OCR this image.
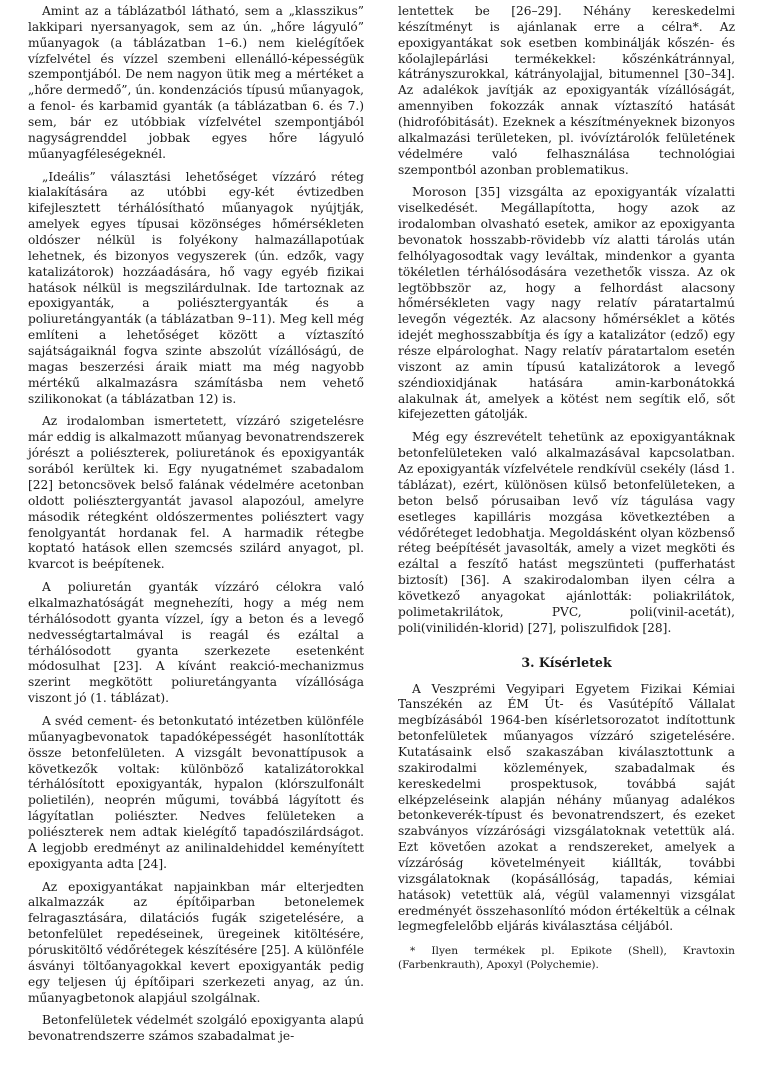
Amint az a táblázatból látható, sem a „klasszikus” lakkipari nyersanyagok, sem az ún. „hőre lágyuló” műanyagok (a táblázatban 1–6.) nem kielégítőek vízfelvétel és vízzel szembeni ellenálló-képességük szempontjából. De nem nagyon ütik meg a mértéket a „hőre dermedő”, ún. kondenzációs típusú műanyagok, a fenol- és karbamid gyanták (a táblázatban 6. és 7.) sem, bár ez utóbbiak vízfelvétel szempontjából nagyságrenddel jobbak egyes hőre lágyuló műanyagféleségeknél.

„Ideális” választási lehetőséget vízzáró réteg kialakítására az utóbbi egy-két évtizedben kifejlesztett térhálósítható műanyagok nyújtják, amelyek egyes típusai közönséges hőmérsékleten oldószer nélkül is folyékony halmazállapotúak lehetnek, és bizonyos vegyszerek (ún. edzők, vagy katalizátorok) hozzáadására, hő vagy egyéb fizikai hatások nélkül is megszilárdulnak. Ide tartoznak az epoxigyanták, a poliésztergyanták és a poliuretángyanták (a táblázatban 9–11). Meg kell még említeni a lehetőséget között a víztaszító sajátságaiknál fogva szinte abszolút vízállóságú, de magas beszerzési áraik miatt ma még nagyobb mértékű alkalmazásra számításba nem vehető szilikonokat (a táblázatban 12) is.

Az irodalomban ismertetett, vízzáró szigetelésre már eddig is alkalmazott műanyag bevonatrendszerek jórészt a poliészterek, poliuretánok és epoxigyanták sorából kerültek ki. Egy nyugatnémet szabadalom [22] betoncsövek belső falának védelmére acetonban oldott poliésztergyantát javasol alapozóul, amelyre második rétegként oldószermentes poliésztert vagy fenolgyantát hordanak fel. A harmadik rétegbe koptató hatások ellen szemcsés szilárd anyagot, pl. kvarcot is beépítenek.

A poliuretán gyanták vízzáró célokra való elkalmazhatóságát megnehezíti, hogy a még nem térhálósodott gyanta vízzel, így a beton és a levegő nedvességtartalmával is reagál és ezáltal a térhálósodott gyanta szerkezete esetenként módosulhat [23]. A kívánt reakció-mechanizmus szerint megkötött poliuretángyanta vízállósága viszont jó (1. táblázat).

A svéd cement- és betonkutató intézetben különféle műanyagbevonatok tapadóképességét hasonlították össze betonfelületen. A vizsgált bevonattípusok a következők voltak: különböző katalizátorokkal térhálósított epoxigyanták, hypalon (klórszulfonált polietilén), neoprén műgumi, továbbá lágyított és lágyítatlan poliészter. Nedves felületeken a poliészterek nem adtak kielégítő tapadószilárdságot. A legjobb eredményt az anilinaldehiddel keményített epoxigyanta adta [24].

Az epoxigyantákat napjainkban már elterjedten alkalmazzák az építőiparban betonelemek felragasztására, dilatációs fugák szigetelésére, a betonfelület repedéseinek, üregeinek kitöltésére, póruskitöltő védőrétegek készítésére [25]. A különféle ásványi töltőanyagokkal kevert epoxigyanták pedig egy teljesen új építőipari szerkezeti anyag, az ún. műanyagbetonok alapjául szolgálnak.

Betonfelületek védelmét szolgáló epoxigyanta alapú bevonatrendszerre számos szabadalmat je-

lentettek be [26–29]. Néhány kereskedelmi készítményt is ajánlanak erre a célra*. Az epoxigyantákat sok esetben kombinálják kőszén- és kőolajlepárlási termékekkel: kőszénkátránnyal, kátrányszurokkal, kátrányolajjal, bitumennel [30–34]. Az adalékok javítják az epoxigyanták vízállóságát, amennyiben fokozzák annak víztaszító hatását (hidrofóbitását). Ezeknek a készítményeknek bizonyos alkalmazási területeken, pl. ivóvíztárolók felületének védelmére való felhasználása technológiai szempontból azonban problematikus.

Moroson [35] vizsgálta az epoxigyanták vízalatti viselkedését. Megállapította, hogy azok az irodalomban olvasható esetek, amikor az epoxigyanta bevonatok hosszabb-rövidebb víz alatti tárolás után felhólyagosodtak vagy leváltak, mindenkor a gyanta tökéletlen térhálósodására vezethetők vissza. Az ok legtöbbször az, hogy a felhordást alacsony hőmérsékleten vagy nagy relatív páratartalmú levegőn végezték. Az alacsony hőmérséklet a kötés idejét meghosszabbítja és így a katalizátor (edző) egy része elpárologhat. Nagy relatív páratartalom esetén viszont az amin típusú katalizátorok a levegő széndioxidjának hatására amin-karbonátokká alakulnak át, amelyek a kötést nem segítik elő, sőt kifejezetten gátolják.

Még egy észrevételt tehetünk az epoxigyantáknak betonfelületeken való alkalmazásával kapcsolatban. Az epoxigyanták vízfelvétele rendkívül csekély (lásd 1. táblázat), ezért, különösen külső betonfelületeken, a beton belső pórusaiban levő víz tágulása vagy esetleges kapilláris mozgása következtében a védőréteget ledobhatja. Megoldásként olyan közbenső réteg beépítését javasolták, amely a vizet megköti és ezáltal a feszítő hatást megszünteti (pufferhatást biztosít) [36]. A szakirodalomban ilyen célra a következő anyagokat ajánlották: poliakrilátok, polimetakrilátok, PVC, poli(vinil-acetát), poli(vinilidén-klorid) [27], poliszulfidok [28].

3. Kísérletek

A Veszprémi Vegyipari Egyetem Fizikai Kémiai Tanszékén az ÉM Út- és Vasútépítő Vállalat megbízásából 1964-ben kísérletsorozatot indítottunk betonfelületek műanyagos vízzáró szigetelésére. Kutatásaink első szakaszában kiválasztottunk a szakirodalmi közlemények, szabadalmak és kereskedelmi prospektusok, továbbá saját elképzeléseink alapján néhány műanyag adalékos betonkeverék-típust és bevonatrendszert, és ezeket szabványos vízzárósági vizsgálatoknak vetettük alá. Ezt követően azokat a rendszereket, amelyek a vízzáróság követelményeit kiállták, további vizsgálatoknak (kopásállóság, tapadás, kémiai hatások) vetettük alá, végül valamennyi vizsgálat eredményét összehasonlító módon értékeltük a célnak legmegfelelőbb eljárás kiválasztása céljából.

* Ilyen termékek pl. Epikote (Shell), Kravtoxin (Farbenkrauth), Apoxyl (Polychemie).
